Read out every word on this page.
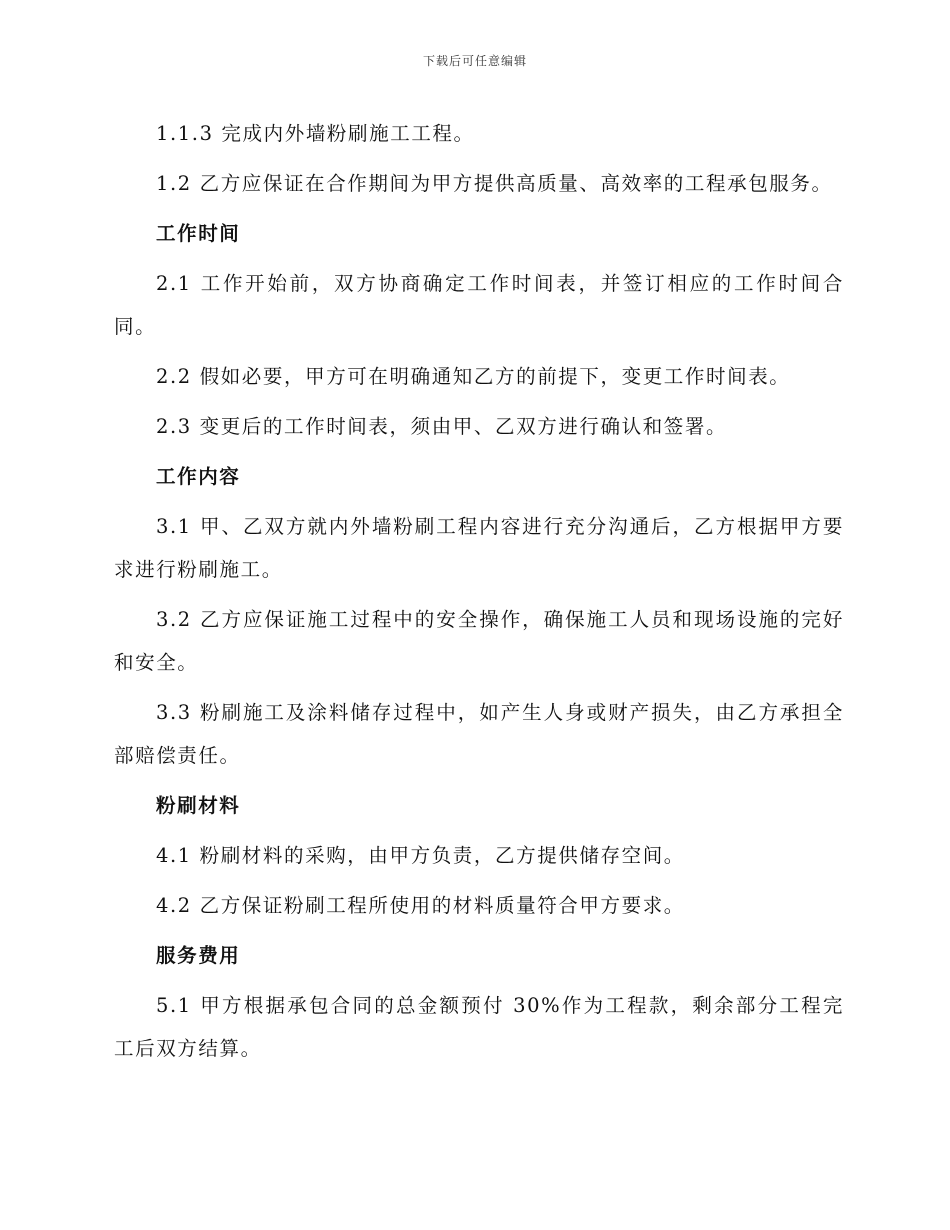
下载后可任意编辑

1.1.3 完成内外墙粉刷施工工程。

1.2 乙方应保证在合作期间为甲方提供高质量、高效率的工程承包服务。

工作时间

2.1 工作开始前，双方协商确定工作时间表，并签订相应的工作时间合同。

2.2 假如必要，甲方可在明确通知乙方的前提下，变更工作时间表。

2.3 变更后的工作时间表，须由甲、乙双方进行确认和签署。

工作内容

3.1 甲、乙双方就内外墙粉刷工程内容进行充分沟通后，乙方根据甲方要求进行粉刷施工。

3.2 乙方应保证施工过程中的安全操作，确保施工人员和现场设施的完好和安全。

3.3 粉刷施工及涂料储存过程中，如产生人身或财产损失，由乙方承担全部赔偿责任。

粉刷材料

4.1 粉刷材料的采购，由甲方负责，乙方提供储存空间。

4.2 乙方保证粉刷工程所使用的材料质量符合甲方要求。

服务费用

5.1 甲方根据承包合同的总金额预付 30%作为工程款，剩余部分工程完工后双方结算。
